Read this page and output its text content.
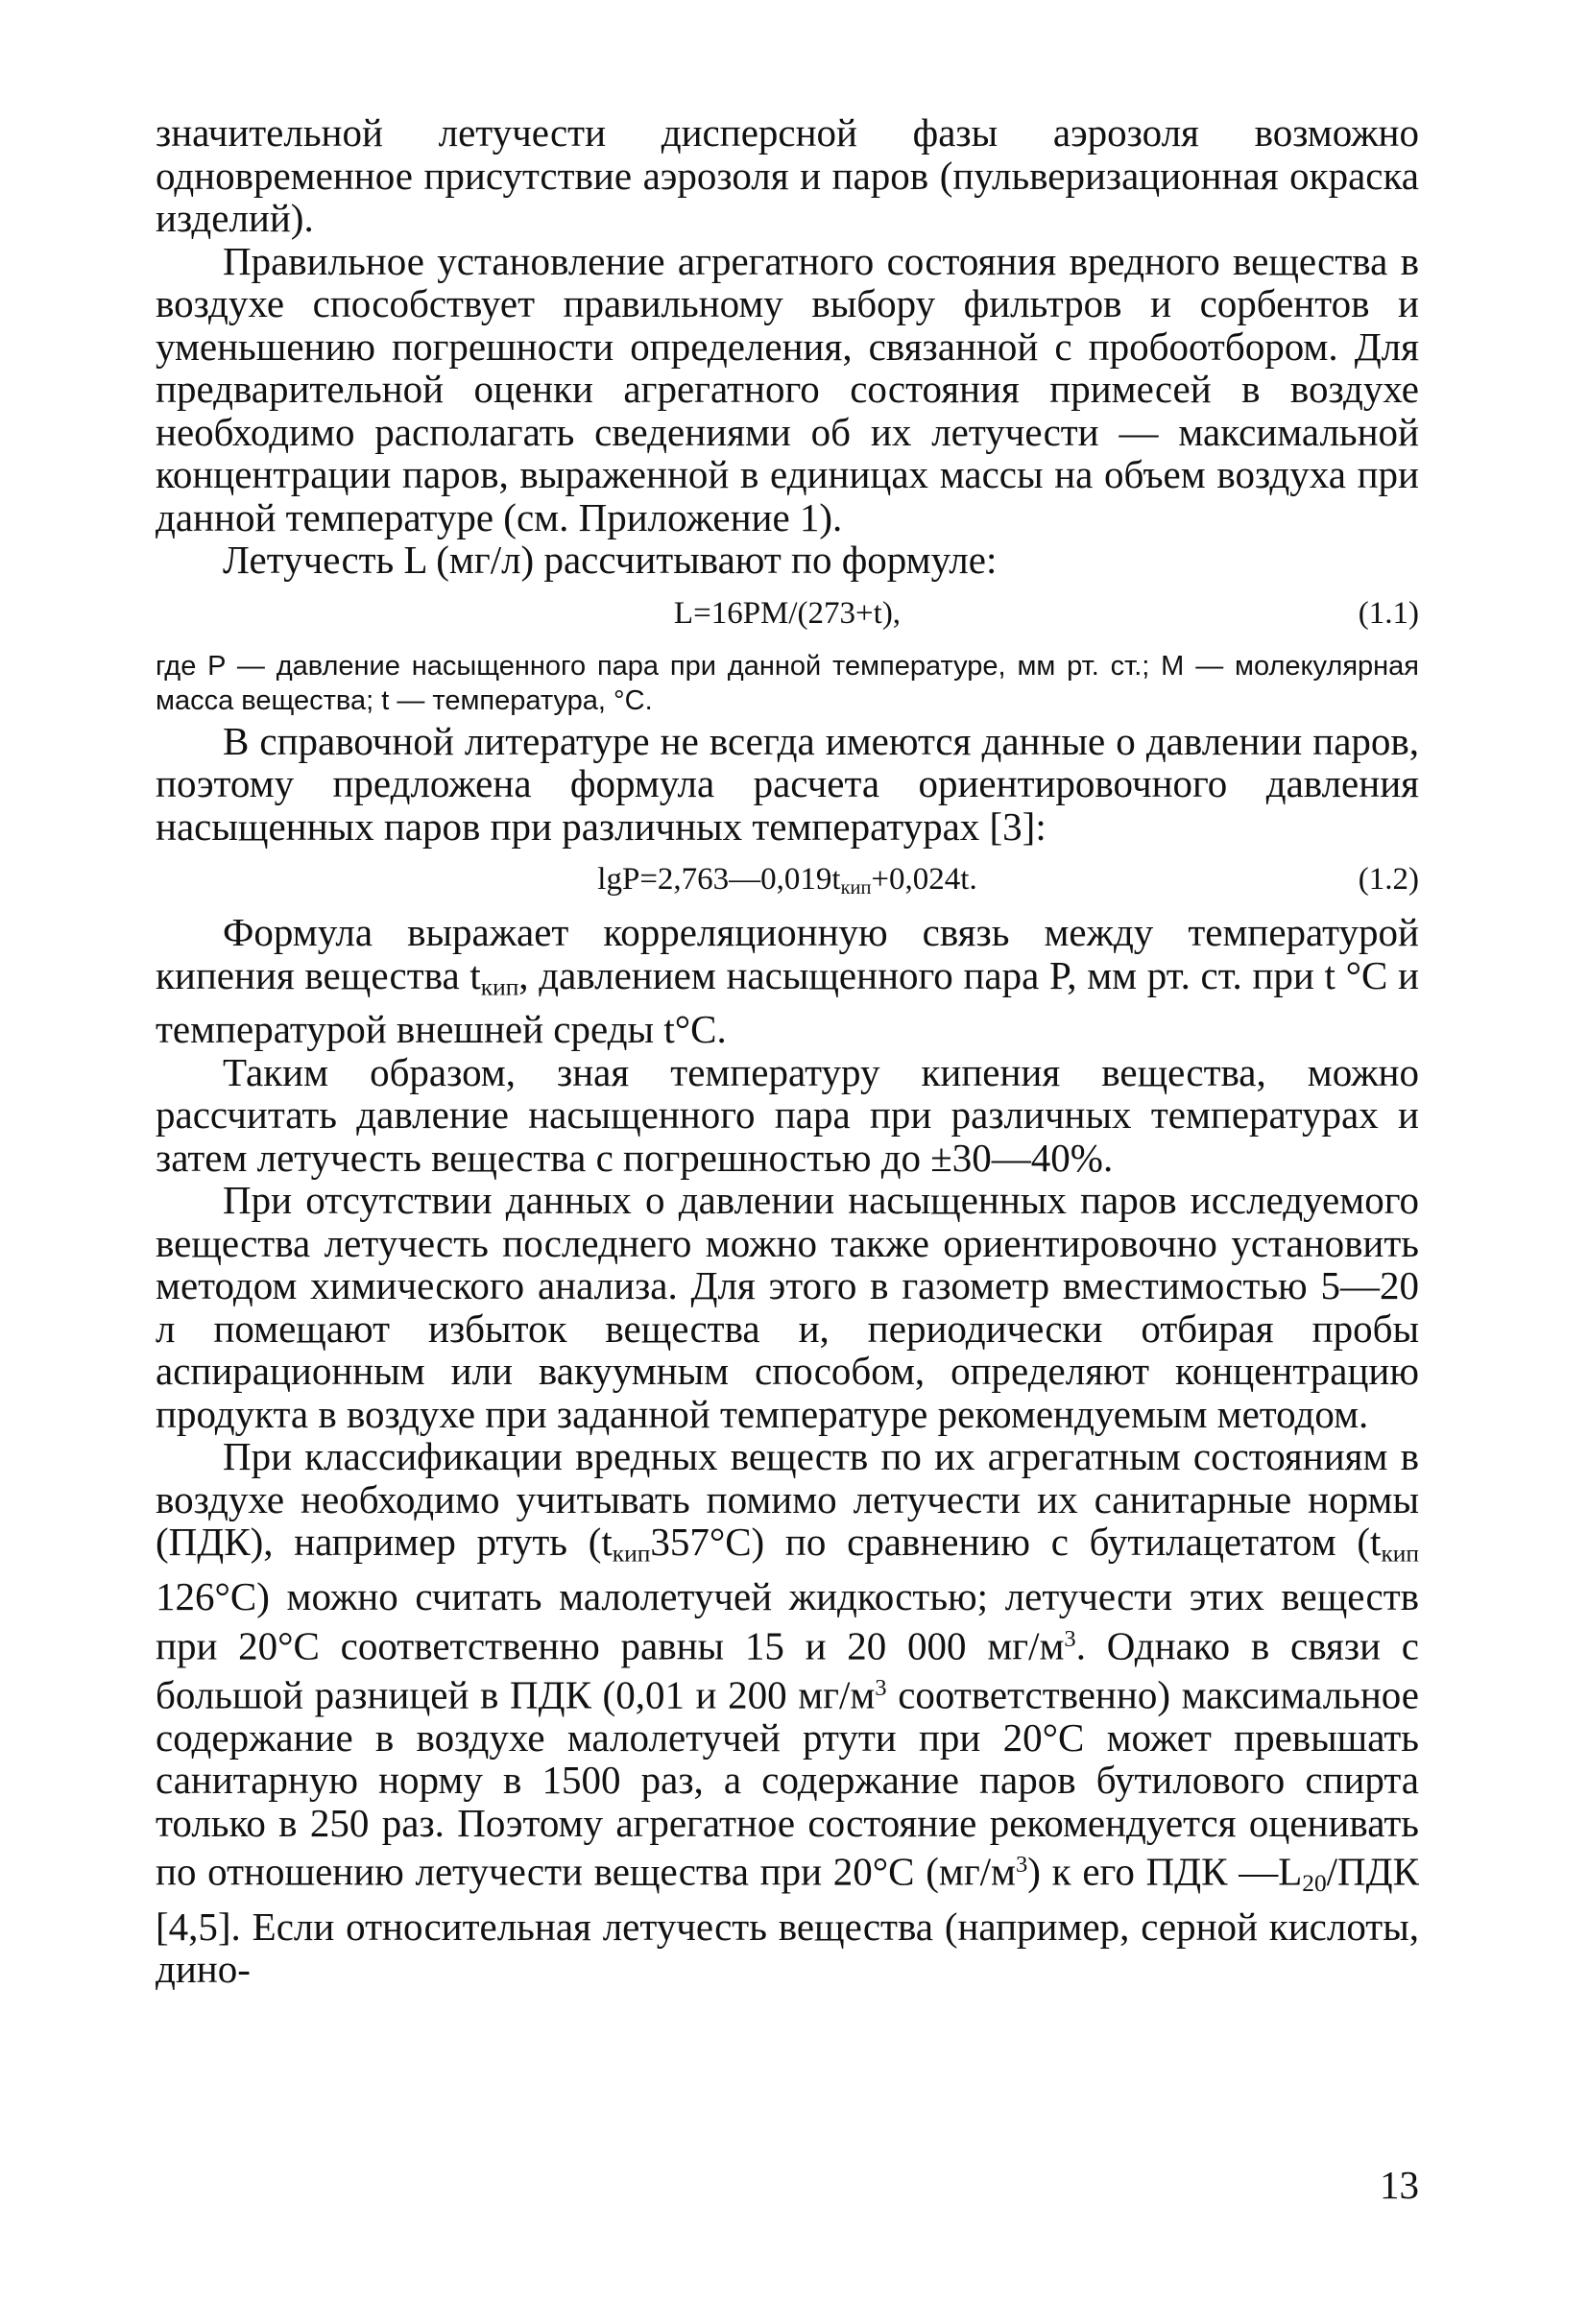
значительной летучести дисперсной фазы аэрозоля возможно одновременное присутствие аэрозоля и паров (пульверизационная окраска изделий).

Правильное установление агрегатного состояния вредного вещества в воздухе способствует правильному выбору фильтров и сорбентов и уменьшению погрешности определения, связанной с пробоотбором. Для предварительной оценки агрегатного состояния примесей в воздухе необходимо располагать сведениями об их летучести — максимальной концентрации паров, выраженной в единицах массы на объем воздуха при данной температуре (см. Приложение 1).

Летучесть L (мг/л) рассчитывают по формуле:

L=16PM/(273+t),	(1.1)

где P — давление насыщенного пара при данной температуре, мм рт. ст.; M — молекулярная масса вещества; t — температура, °С.

В справочной литературе не всегда имеются данные о давлении паров, поэтому предложена формула расчета ориентировочного давления насыщенных паров при различных температурах [3]:

$\lg P=2,763—0,019t_{кип}+0,024t$.	(1.2)

Формула выражает корреляционную связь между температурой кипения вещества $t_{кип}$, давлением насыщенного пара P, мм рт. ст. при t °С и температурой внешней среды t°С.

Таким образом, зная температуру кипения вещества, можно рассчитать давление насыщенного пара при различных температурах и затем летучесть вещества с погрешностью до ±30—40%.

При отсутствии данных о давлении насыщенных паров исследуемого вещества летучесть последнего можно также ориентировочно установить методом химического анализа. Для этого в газометр вместимостью 5—20 л помещают избыток вещества и, периодически отбирая пробы аспирационным или вакуумным способом, определяют концентрацию продукта в воздухе при заданной температуре рекомендуемым методом.

При классификации вредных веществ по их агрегатным состояниям в воздухе необходимо учитывать помимо летучести их санитарные нормы (ПДК), например ртуть $(t_{кип}357^\circ С)$ по сравнению с бутилацетатом ($t_{кип}$ 126°С) можно считать малолетучей жидкостью; летучести этих веществ при 20°С соответственно равны 15 и 20 000 $мг/м^3$. Однако в связи с большой разницей в ПДК (0,01 и 200 $мг/м^3$ соответственно) максимальное содержание в воздухе малолетучей ртути при 20°С может превышать санитарную норму в 1500 раз, а содержание паров бутилового спирта только в 250 раз. Поэтому агрегатное состояние рекомендуется оценивать по отношению летучести вещества при 20°С $(мг/м^3)$ к его ПДК $—L_{20}$/ПДК [4,5]. Если относительная летучесть вещества (например, серной кислоты, дино-

13
